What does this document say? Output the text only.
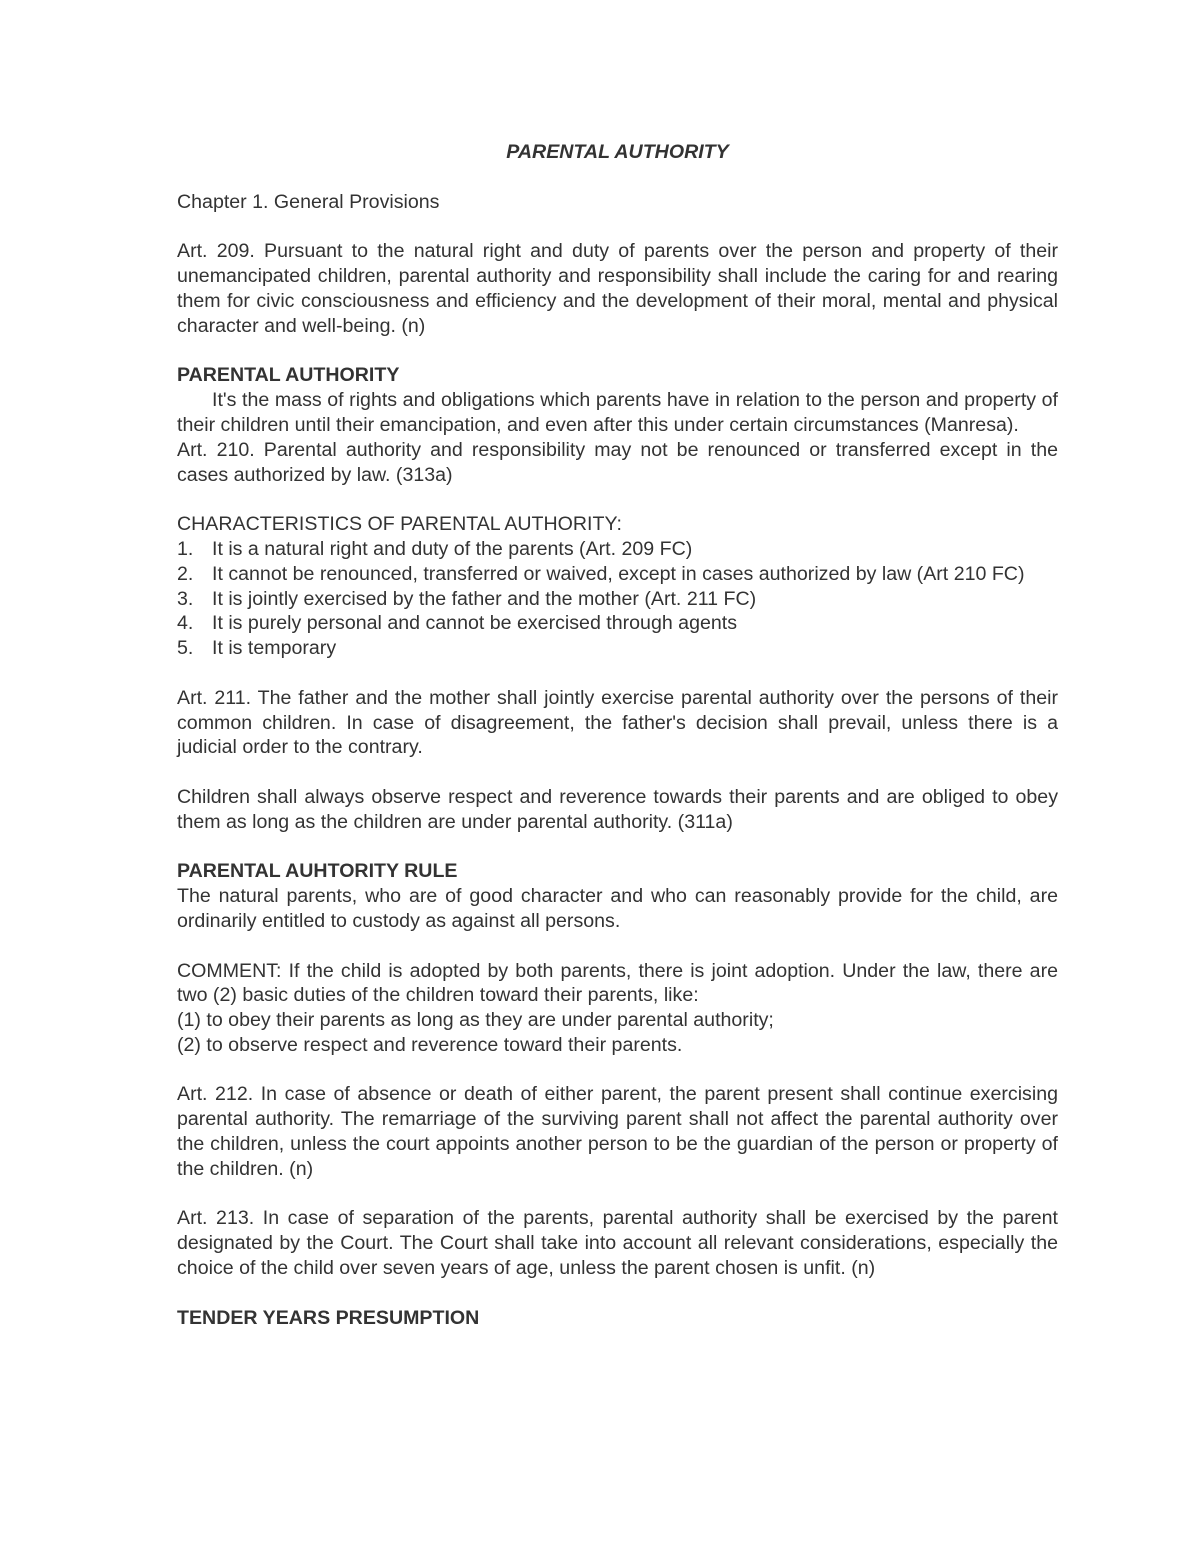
PARENTAL AUTHORITY

Chapter 1. General Provisions

Art. 209. Pursuant to the natural right and duty of parents over the person and property of their unemancipated children, parental authority and responsibility shall include the caring for and rearing them for civic consciousness and efficiency and the development of their moral, mental and physical character and well-being. (n)

PARENTAL AUTHORITY

It's the mass of rights and obligations which parents have in relation to the person and property of their children until their emancipation, and even after this under certain circumstances (Manresa).

Art. 210. Parental authority and responsibility may not be renounced or transferred except in the cases authorized by law. (313a)

CHARACTERISTICS OF PARENTAL AUTHORITY:

1. It is a natural right and duty of the parents (Art. 209 FC)
2. It cannot be renounced, transferred or waived, except in cases authorized by law (Art 210 FC)
3. It is jointly exercised by the father and the mother (Art. 211 FC)
4. It is purely personal and cannot be exercised through agents
5. It is temporary

Art. 211. The father and the mother shall jointly exercise parental authority over the persons of their common children. In case of disagreement, the father's decision shall prevail, unless there is a judicial order to the contrary.

Children shall always observe respect and reverence towards their parents and are obliged to obey them as long as the children are under parental authority. (311a)

PARENTAL AUHTORITY RULE

The natural parents, who are of good character and who can reasonably provide for the child, are ordinarily entitled to custody as against all persons.

COMMENT: If the child is adopted by both parents, there is joint adoption. Under the law, there are two (2) basic duties of the children toward their parents, like:

(1) to obey their parents as long as they are under parental authority;

(2) to observe respect and reverence toward their parents.

Art. 212. In case of absence or death of either parent, the parent present shall continue exercising parental authority. The remarriage of the surviving parent shall not affect the parental authority over the children, unless the court appoints another person to be the guardian of the person or property of the children. (n)

Art. 213. In case of separation of the parents, parental authority shall be exercised by the parent designated by the Court. The Court shall take into account all relevant considerations, especially the choice of the child over seven years of age, unless the parent chosen is unfit. (n)

TENDER YEARS PRESUMPTION
